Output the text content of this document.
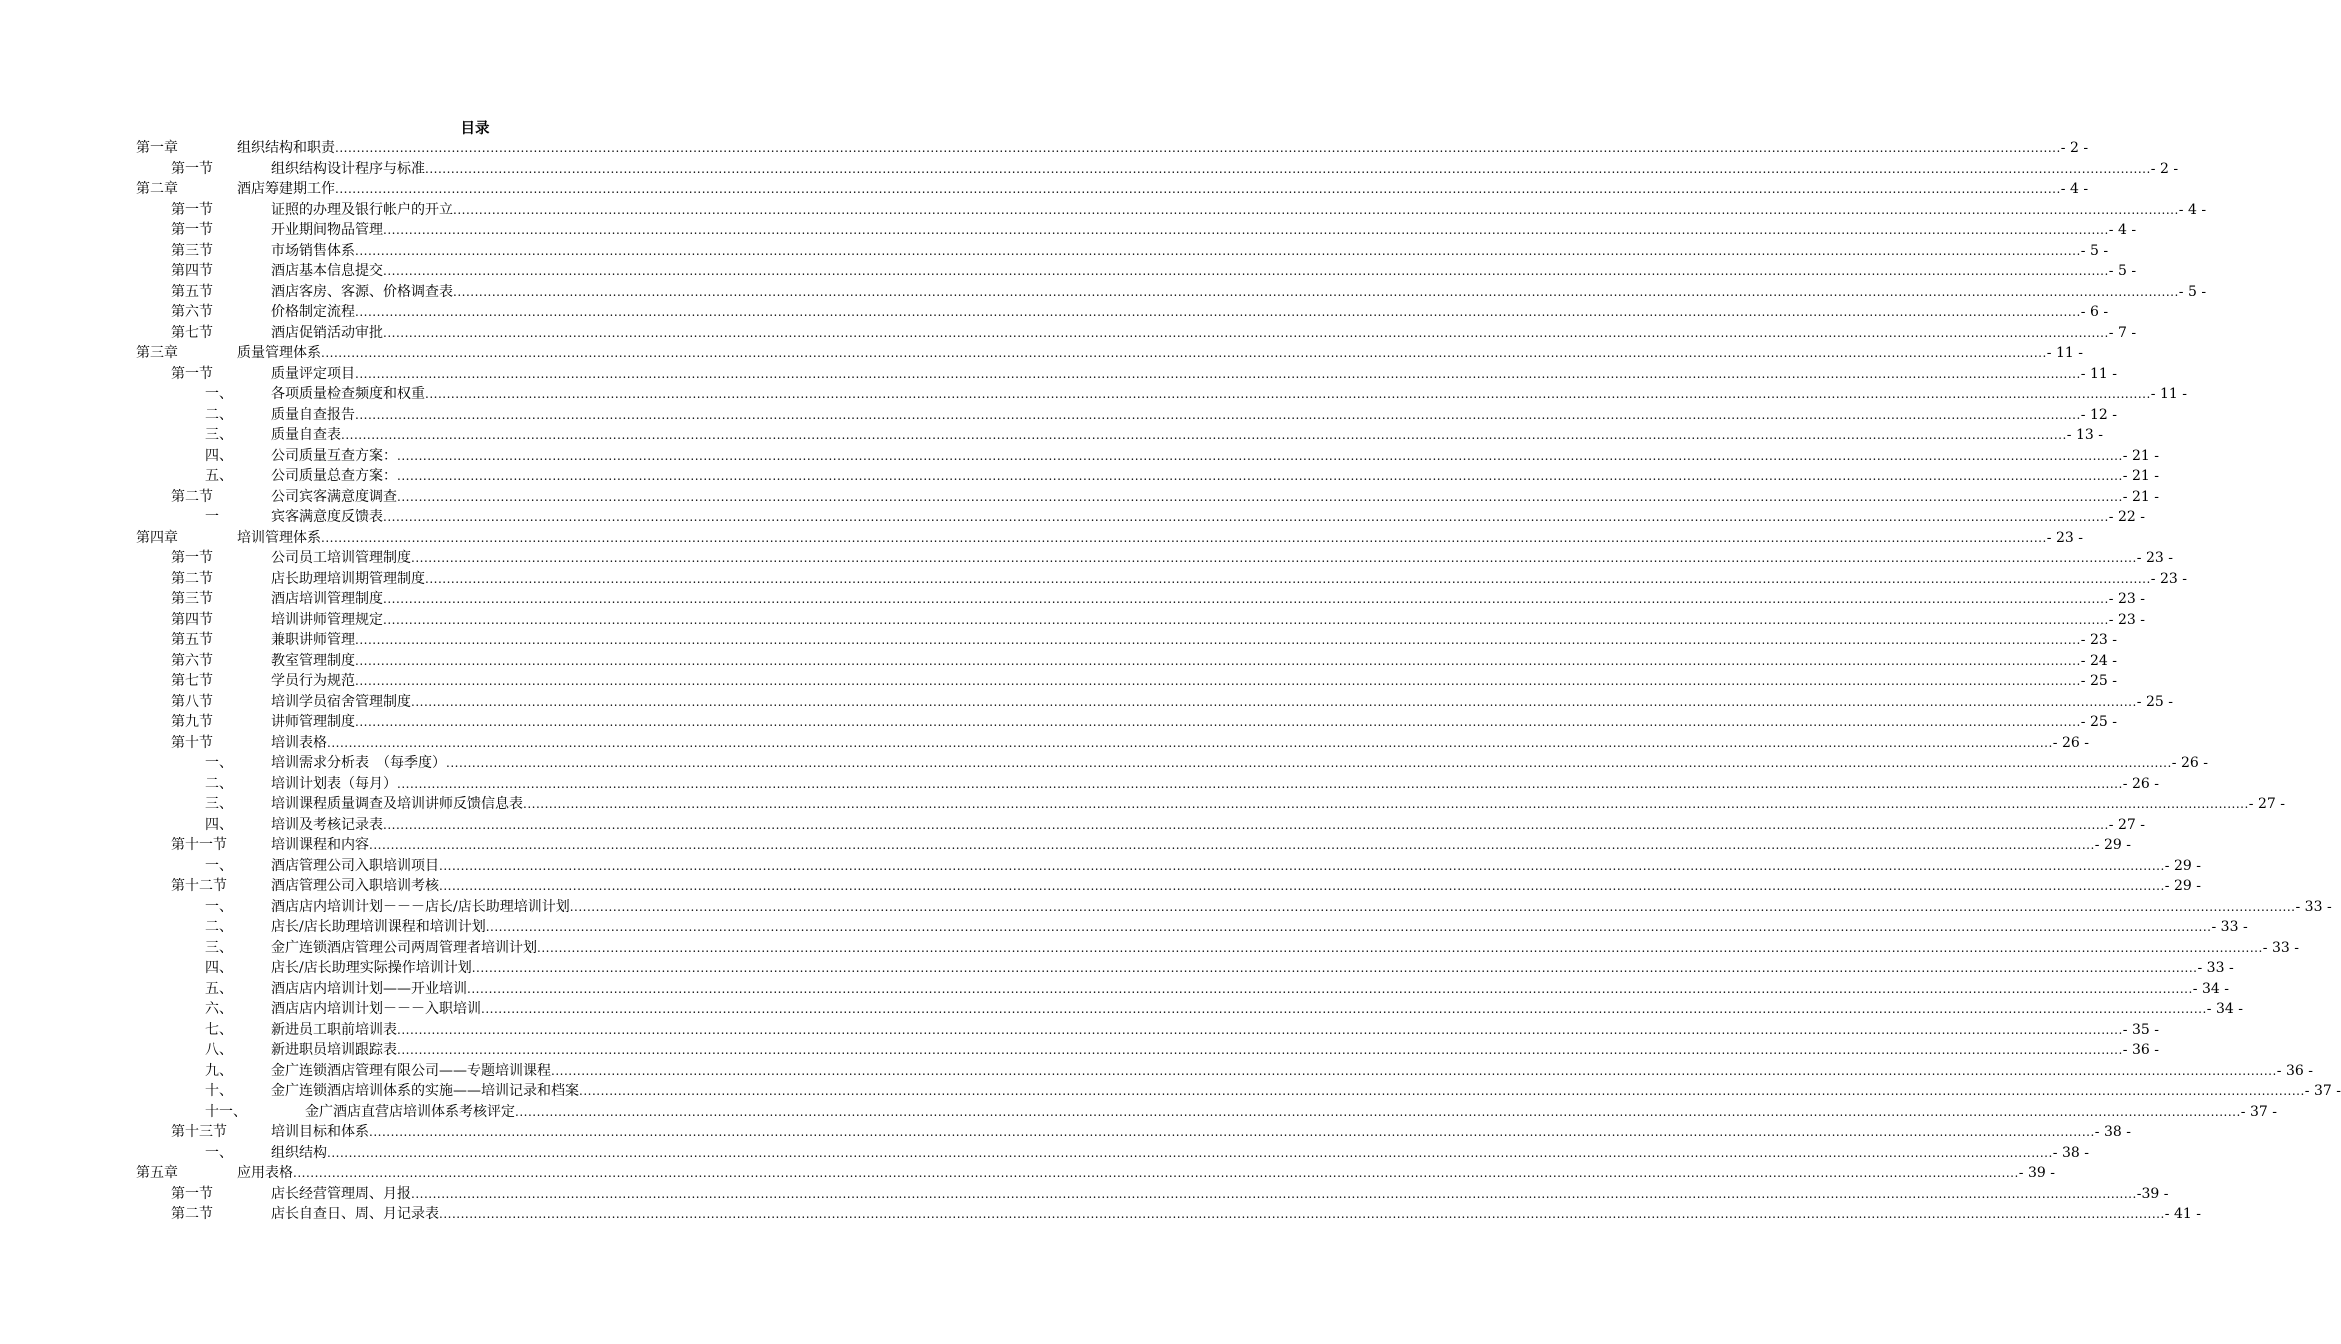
目录
第一章	组织结构和职责 ................................................................................................................................................................................................................................................................................................................................................................................................................ - 2 -
第一节	组织结构设计程序与标准 ................................................................................................................................................................................................................................................................................................................................................................................................................ - 2 -
第二章	酒店筹建期工作 ................................................................................................................................................................................................................................................................................................................................................................................................................ - 4 -
第一节	证照的办理及银行帐户的开立 ................................................................................................................................................................................................................................................................................................................................................................................................................ - 4 -
第一节	开业期间物品管理 ................................................................................................................................................................................................................................................................................................................................................................................................................ - 4 -
第三节	市场销售体系 ................................................................................................................................................................................................................................................................................................................................................................................................................ - 5 -
第四节	酒店基本信息提交 ................................................................................................................................................................................................................................................................................................................................................................................................................ - 5 -
第五节	酒店客房、客源、价格调查表 ................................................................................................................................................................................................................................................................................................................................................................................................................ - 5 -
第六节	价格制定流程 ................................................................................................................................................................................................................................................................................................................................................................................................................ - 6 -
第七节	酒店促销活动审批 ................................................................................................................................................................................................................................................................................................................................................................................................................ - 7 -
第三章	质量管理体系 ................................................................................................................................................................................................................................................................................................................................................................................................................ - 11 -
第一节	质量评定项目 ................................................................................................................................................................................................................................................................................................................................................................................................................ - 11 -
一、	各项质量检查频度和权重 ................................................................................................................................................................................................................................................................................................................................................................................................................ - 11 -
二、	质量自查报告 ................................................................................................................................................................................................................................................................................................................................................................................................................ - 12 -
三、	质量自查表 ................................................................................................................................................................................................................................................................................................................................................................................................................ - 13 -
四、	公司质量互查方案： ................................................................................................................................................................................................................................................................................................................................................................................................................ - 21 -
五、	公司质量总查方案： ................................................................................................................................................................................................................................................................................................................................................................................................................ - 21 -
第二节	公司宾客满意度调查 ................................................................................................................................................................................................................................................................................................................................................................................................................ - 21 -
一	宾客满意度反馈表 ................................................................................................................................................................................................................................................................................................................................................................................................................ - 22 -
第四章	培训管理体系 ................................................................................................................................................................................................................................................................................................................................................................................................................ - 23 -
第一节	公司员工培训管理制度 ................................................................................................................................................................................................................................................................................................................................................................................................................ - 23 -
第二节	店长助理培训期管理制度 ................................................................................................................................................................................................................................................................................................................................................................................................................ - 23 -
第三节	酒店培训管理制度 ................................................................................................................................................................................................................................................................................................................................................................................................................ - 23 -
第四节	培训讲师管理规定 ................................................................................................................................................................................................................................................................................................................................................................................................................ - 23 -
第五节	兼职讲师管理 ................................................................................................................................................................................................................................................................................................................................................................................................................ - 23 -
第六节	教室管理制度 ................................................................................................................................................................................................................................................................................................................................................................................................................ - 24 -
第七节	学员行为规范 ................................................................................................................................................................................................................................................................................................................................................................................................................ - 25 -
第八节	培训学员宿舍管理制度 ................................................................................................................................................................................................................................................................................................................................................................................................................ - 25 -
第九节	讲师管理制度 ................................................................................................................................................................................................................................................................................................................................................................................................................ - 25 -
第十节	培训表格 ................................................................................................................................................................................................................................................................................................................................................................................................................ - 26 -
一、	培训需求分析表　（每季度） ................................................................................................................................................................................................................................................................................................................................................................................................................ - 26 -
二、	培训计划表（每月） ................................................................................................................................................................................................................................................................................................................................................................................................................ - 26 -
三、	培训课程质量调查及培训讲师反馈信息表 ................................................................................................................................................................................................................................................................................................................................................................................................................ - 27 -
四、	培训及考核记录表 ................................................................................................................................................................................................................................................................................................................................................................................................................ - 27 -
第十一节	培训课程和内容 ................................................................................................................................................................................................................................................................................................................................................................................................................ - 29 -
一、	酒店管理公司入职培训项目 ................................................................................................................................................................................................................................................................................................................................................................................................................ - 29 -
第十二节	酒店管理公司入职培训考核 ................................................................................................................................................................................................................................................................................................................................................................................................................ - 29 -
一、	酒店店内培训计划－－－店长/店长助理培训计划 ................................................................................................................................................................................................................................................................................................................................................................................................................ - 33 -
二、	店长/店长助理培训课程和培训计划 ................................................................................................................................................................................................................................................................................................................................................................................................................ - 33 -
三、	金广连锁酒店管理公司两周管理者培训计划 ................................................................................................................................................................................................................................................................................................................................................................................................................ - 33 -
四、	店长/店长助理实际操作培训计划 ................................................................................................................................................................................................................................................................................................................................................................................................................ - 33 -
五、	酒店店内培训计划——开业培训 ................................................................................................................................................................................................................................................................................................................................................................................................................ - 34 -
六、	酒店店内培训计划－－－入职培训 ................................................................................................................................................................................................................................................................................................................................................................................................................ - 34 -
七、	新进员工职前培训表 ................................................................................................................................................................................................................................................................................................................................................................................................................ - 35 -
八、	新进职员培训跟踪表 ................................................................................................................................................................................................................................................................................................................................................................................................................ - 36 -
九、	金广连锁酒店管理有限公司——专题培训课程 ................................................................................................................................................................................................................................................................................................................................................................................................................ - 36 -
十、	金广连锁酒店培训体系的实施——培训记录和档案 ................................................................................................................................................................................................................................................................................................................................................................................................................ - 37 -
十一、	金广酒店直营店培训体系考核评定 ................................................................................................................................................................................................................................................................................................................................................................................................................ - 37 -
第十三节	培训目标和体系 ................................................................................................................................................................................................................................................................................................................................................................................................................ - 38 -
一、	组织结构 ................................................................................................................................................................................................................................................................................................................................................................................................................ - 38 -
第五章	应用表格 ................................................................................................................................................................................................................................................................................................................................................................................................................ - 39 -
第一节	店长经营管理周、月报 ................................................................................................................................................................................................................................................................................................................................................................................................................ -39 -
第二节	店长自查日、周、月记录表 ................................................................................................................................................................................................................................................................................................................................................................................................................ - 41 -
